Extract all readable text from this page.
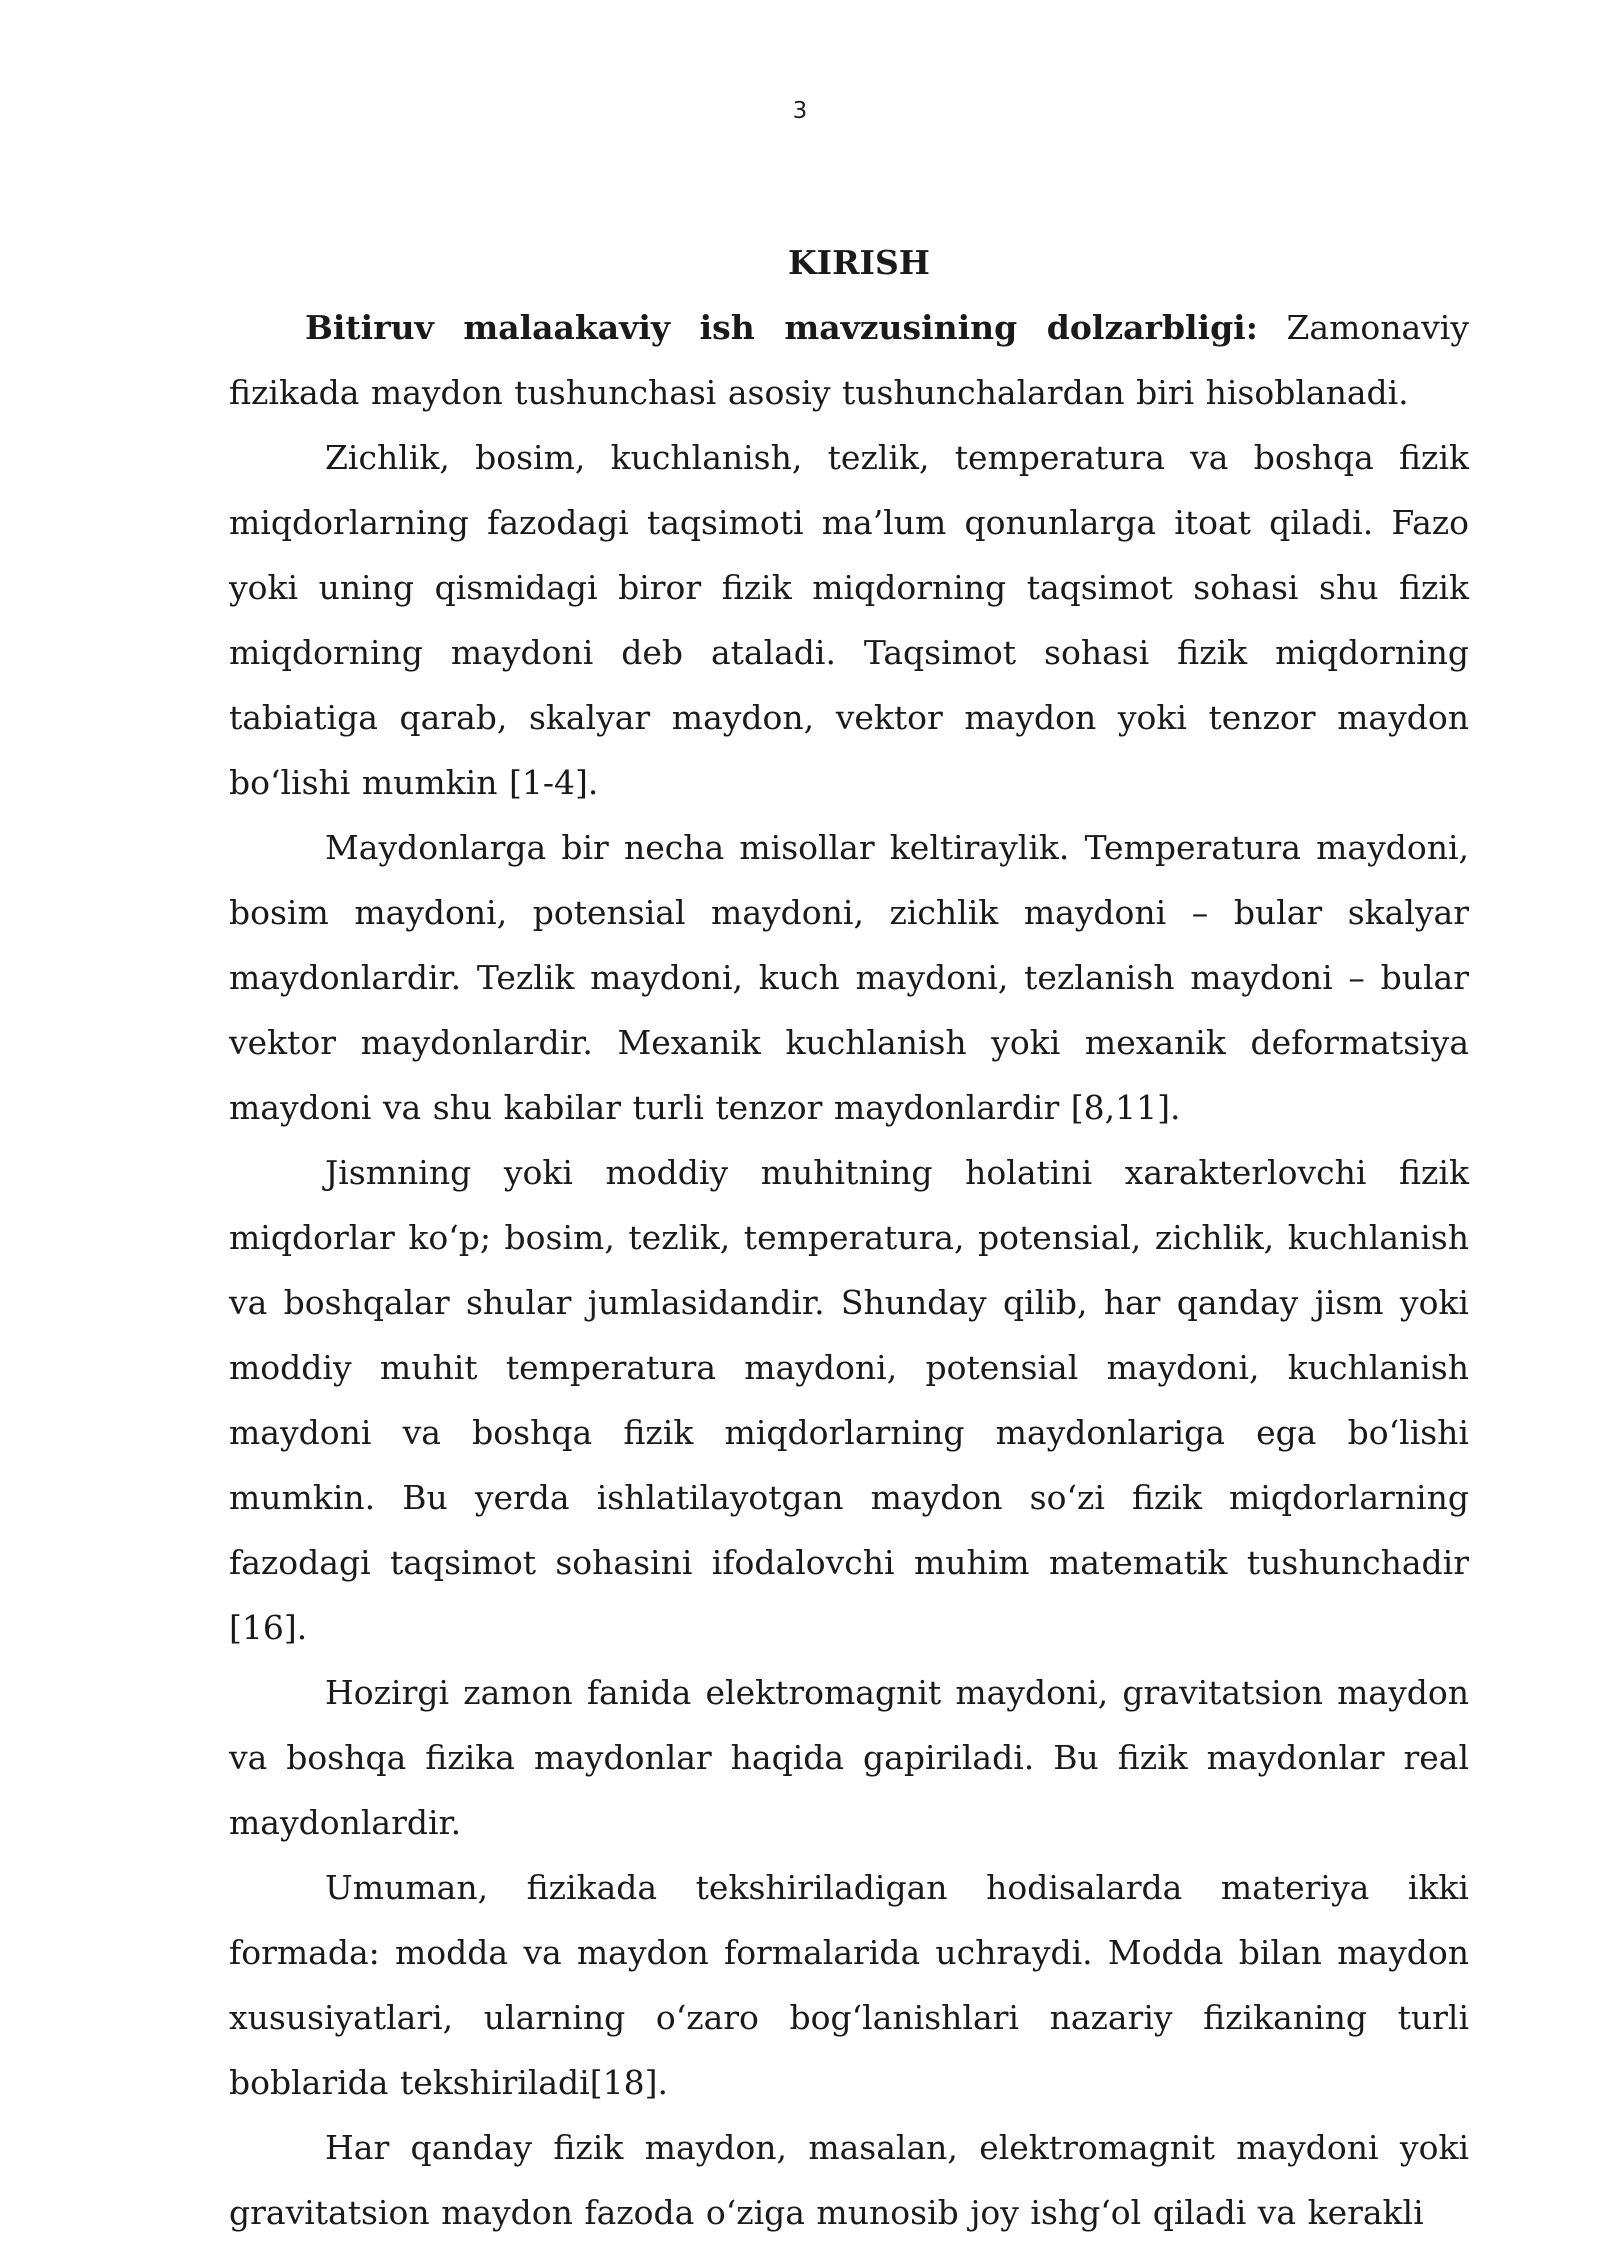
3
KIRISH

Bitiruv malaakaviy ish mavzusining dolzarbligi: Zamonaviy fizikada maydon tushunchasi asosiy tushunchalardan biri hisoblanadi.

Zichlik, bosim, kuchlanish, tezlik, temperatura va boshqa fizik miqdorlarning fazodagi taqsimoti ma’lum qonunlarga itoat qiladi. Fazo yoki uning qismidagi biror fizik miqdorning taqsimot sohasi shu fizik miqdorning maydoni deb ataladi. Taqsimot sohasi fizik miqdorning tabiatiga qarab, skalyar maydon, vektor maydon yoki tenzor maydon bo‘lishi mumkin [1-4].

Maydonlarga bir necha misollar keltiraylik. Temperatura maydoni, bosim maydoni, potensial maydoni, zichlik maydoni – bular skalyar maydonlardir. Tezlik maydoni, kuch maydoni, tezlanish maydoni – bular vektor maydonlardir. Mexanik kuchlanish yoki mexanik deformatsiya maydoni va shu kabilar turli tenzor maydonlardir [8,11].

Jismning yoki moddiy muhitning holatini xarakterlovchi fizik miqdorlar ko‘p; bosim, tezlik, temperatura, potensial, zichlik, kuchlanish va boshqalar shular jumlasidandir. Shunday qilib, har qanday jism yoki moddiy muhit temperatura maydoni, potensial maydoni, kuchlanish maydoni va boshqa fizik miqdorlarning maydonlariga ega bo‘lishi mumkin. Bu yerda ishlatilayotgan maydon so‘zi fizik miqdorlarning fazodagi taqsimot sohasini ifodalovchi muhim matematik tushunchadir [16].

Hozirgi zamon fanida elektromagnit maydoni, gravitatsion maydon va boshqa fizika maydonlar haqida gapiriladi. Bu fizik maydonlar real maydonlardir.

Umuman, fizikada tekshiriladigan hodisalarda materiya ikki formada: modda va maydon formalarida uchraydi. Modda bilan maydon xususiyatlari, ularning o‘zaro bog‘lanishlari nazariy fizikaning turli boblarida tekshiriladi[18].

Har qanday fizik maydon, masalan, elektromagnit maydoni yoki gravitatsion maydon fazoda o‘ziga munosib joy ishg‘ol qiladi va kerakli
